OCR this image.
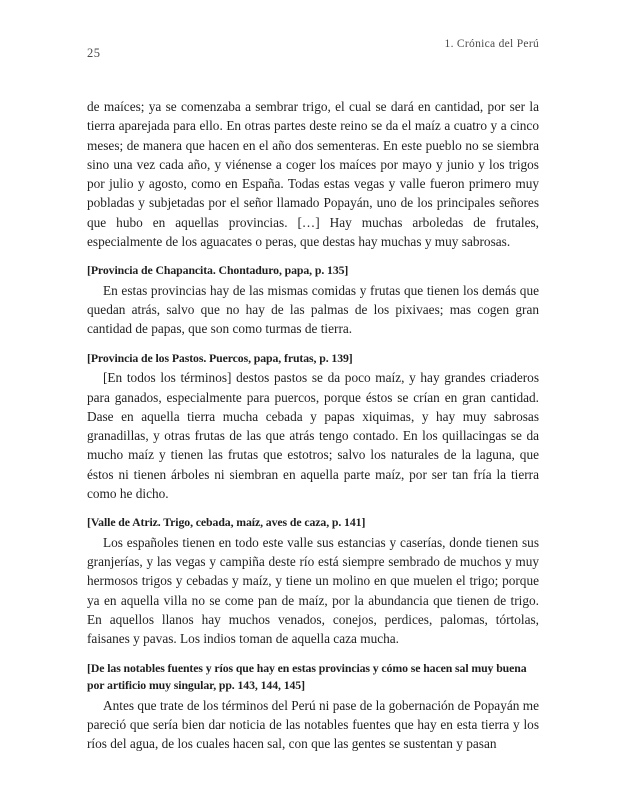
25
1. Crónica del Perú

de maíces; ya se comenzaba a sembrar trigo, el cual se dará en cantidad, por ser la tierra aparejada para ello. En otras partes deste reino se da el maíz a cuatro y a cinco meses; de manera que hacen en el año dos sementeras. En este pueblo no se siembra sino una vez cada año, y viénense a coger los maíces por mayo y junio y los trigos por julio y agosto, como en España. Todas estas vegas y valle fueron primero muy pobladas y subjetadas por el señor llamado Popayán, uno de los principales señores que hubo en aquellas provincias. […] Hay muchas arboledas de frutales, especialmente de los aguacates o peras, que destas hay muchas y muy sabrosas.

[Provincia de Chapancita. Chontaduro, papa, p. 135]

En estas provincias hay de las mismas comidas y frutas que tienen los demás que quedan atrás, salvo que no hay de las palmas de los pixivaes; mas cogen gran cantidad de papas, que son como turmas de tierra.

[Provincia de los Pastos. Puercos, papa, frutas, p. 139]

[En todos los términos] destos pastos se da poco maíz, y hay grandes criaderos para ganados, especialmente para puercos, porque éstos se crían en gran cantidad. Dase en aquella tierra mucha cebada y papas xiquimas, y hay muy sabrosas granadillas, y otras frutas de las que atrás tengo contado. En los quillacingas se da mucho maíz y tienen las frutas que estotros; salvo los naturales de la laguna, que éstos ni tienen árboles ni siembran en aquella parte maíz, por ser tan fría la tierra como he dicho.

[Valle de Atriz. Trigo, cebada, maíz, aves de caza, p. 141]

Los españoles tienen en todo este valle sus estancias y caserías, donde tienen sus granjerías, y las vegas y campiña deste río está siempre sembrado de muchos y muy hermosos trigos y cebadas y maíz, y tiene un molino en que muelen el trigo; porque ya en aquella villa no se come pan de maíz, por la abundancia que tienen de trigo. En aquellos llanos hay muchos venados, conejos, perdices, palomas, tórtolas, faisanes y pavas. Los indios toman de aquella caza mucha.

[De las notables fuentes y ríos que hay en estas provincias y cómo se hacen sal muy buena por artificio muy singular, pp. 143, 144, 145]

Antes que trate de los términos del Perú ni pase de la gobernación de Popayán me pareció que sería bien dar noticia de las notables fuentes que hay en esta tierra y los ríos del agua, de los cuales hacen sal, con que las gentes se sustentan y pasan
